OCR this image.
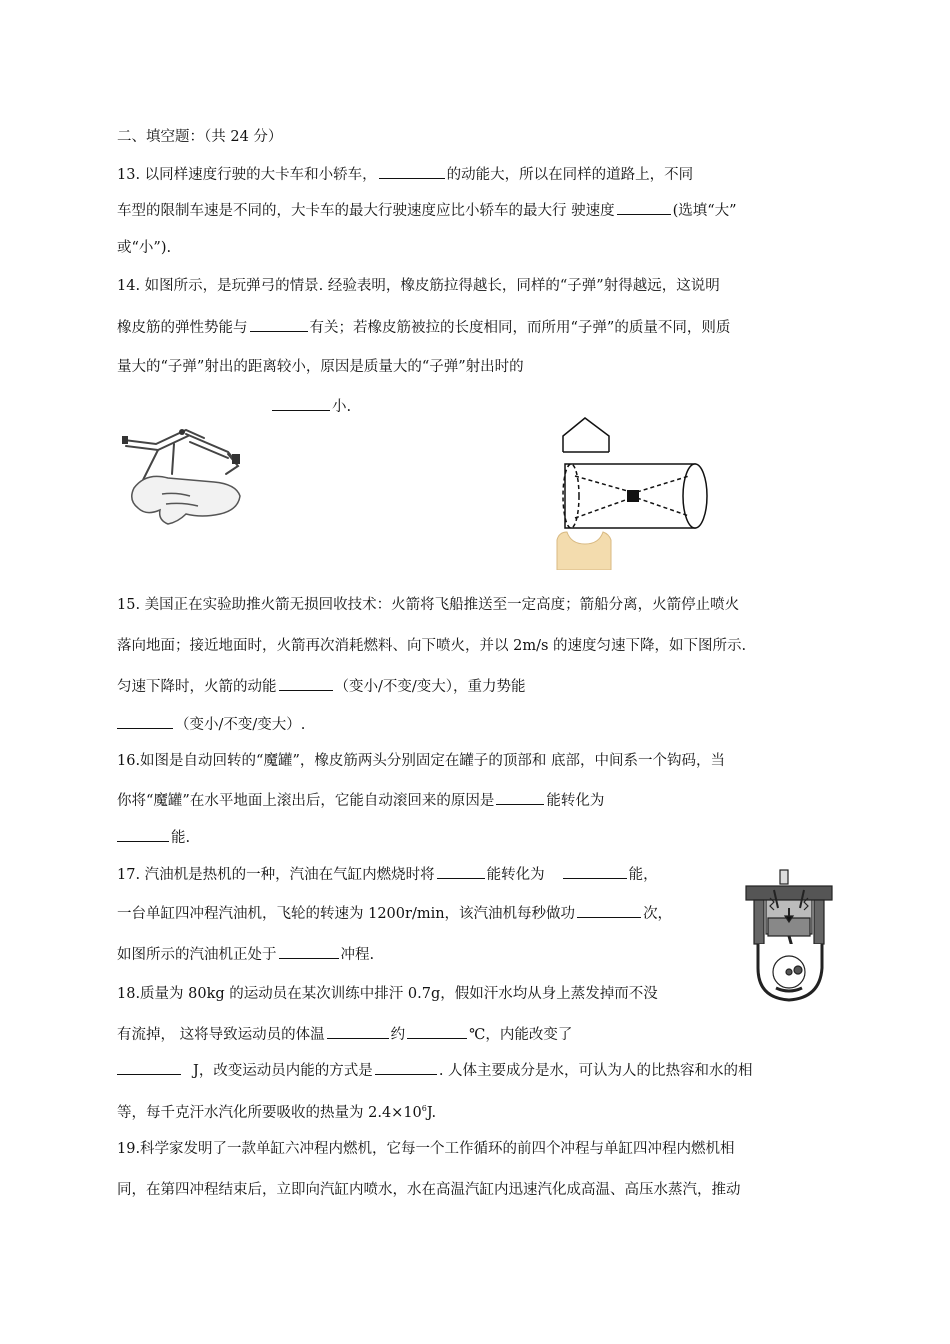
二、填空题：（共 24 分）
13. 以同样速度行驶的大卡车和小轿车，	的动能大，所以在同样的道路上，不同
车型的限制车速是不同的，大卡车的最大行驶速度应比小轿车的最大行 驶速度	(选填“大”
或“小”).
14. 如图所示，是玩弹弓的情景. 经验表明，橡皮筋拉得越长，同样的“子弹”射得越远，这说明
橡皮筋的弹性势能与	有关；若橡皮筋被拉的长度相同，而所用“子弹”的质量不同，则质
量大的“子弹”射出的距离较小，原因是质量大的“子弹”射出时的
小.
15. 美国正在实验助推火箭无损回收技术：火箭将飞船推送至一定高度；箭船分离，火箭停止喷火
落向地面；接近地面时，火箭再次消耗燃料、向下喷火，并以 2m/s 的速度匀速下降，如下图所示.
匀速下降时，火箭的动能	（变小/不变/变大），重力势能
（变小/不变/变大）.
16.如图是自动回转的“魔罐”，橡皮筋两头分别固定在罐子的顶部和 底部，中间系一个钩码，当
你将“魔罐”在水平地面上滚出后，它能自动滚回来的原因是	能转化为
能.
17. 汽油机是热机的一种，汽油在气缸内燃烧时将	能转化为	能，
一台单缸四冲程汽油机，飞轮的转速为 1200r/min，该汽油机每秒做功	次，
如图所示的汽油机正处于	冲程.
18.质量为 80kg 的运动员在某次训练中排汗 0.7g，假如汗水均从身上蒸发掉而不没
有流掉， 这将导致运动员的体温	约	℃，内能改变了
J，改变运动员内能的方式是	. 人体主要成分是水，可认为人的比热容和水的相
等，每千克汗水汽化所要吸收的热量为 $2.4\times 10^6J$.
19.科学家发明了一款单缸六冲程内燃机，它每一个工作循环的前四个冲程与单缸四冲程内燃机相
同，在第四冲程结束后，立即向汽缸内喷水，水在高温汽缸内迅速汽化成高温、高压水蒸汽，推动
